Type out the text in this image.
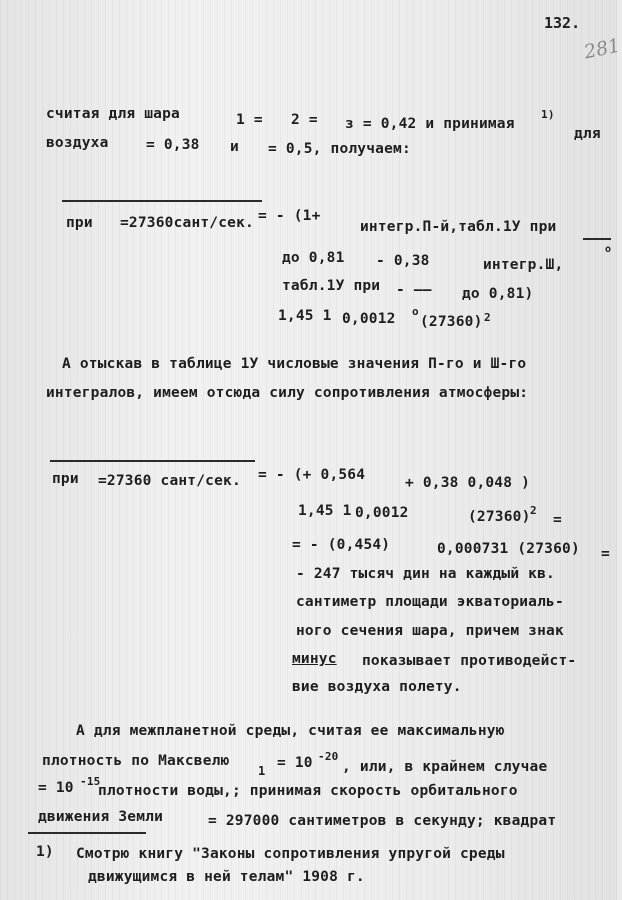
132.
281
считая для шара	1 = 2 = з = 0,42 и принимая
1)
для
воздуха	= 0,38 и = 0,5, получаем:
при =27360сант/сек. = - (1+
интегр.П-й,табл.1У при
о
до 0,81 - 0,38	интегр.Ш,
табл.1У при - —— до 0,81)
1,45 1 0,0012 о
(27360) 2
А отыскав в таблице 1У числовые значения П-го и Ш-го
интегралов, имеем отсюда силу сопротивления атмосферы:
при =27360 сант/сек. = - (+ 0,564	+ 0,38 0,048 )
1,45 1 0,0012	(27360) 2
=
= - (0,454)	0,000731 (27360) =
- 247 тысяч дин на каждый кв.
сантиметр площади экваториаль-
ного сечения шара, причем знак
минус показывает противодейст-
вие воздуха полету.
А для межпланетной среды, считая ее максимальную
плотность по Максвелю
1 = 10 -20
, или, в крайнем случае
= 10 -15
плотности воды,; принимая скорость орбитального
движения Земли	= 297000 сантиметров в секунду; квадрат
1) Смотрю книгу "Законы сопротивления упругой среды
движущимся в ней телам" 1908 г.
